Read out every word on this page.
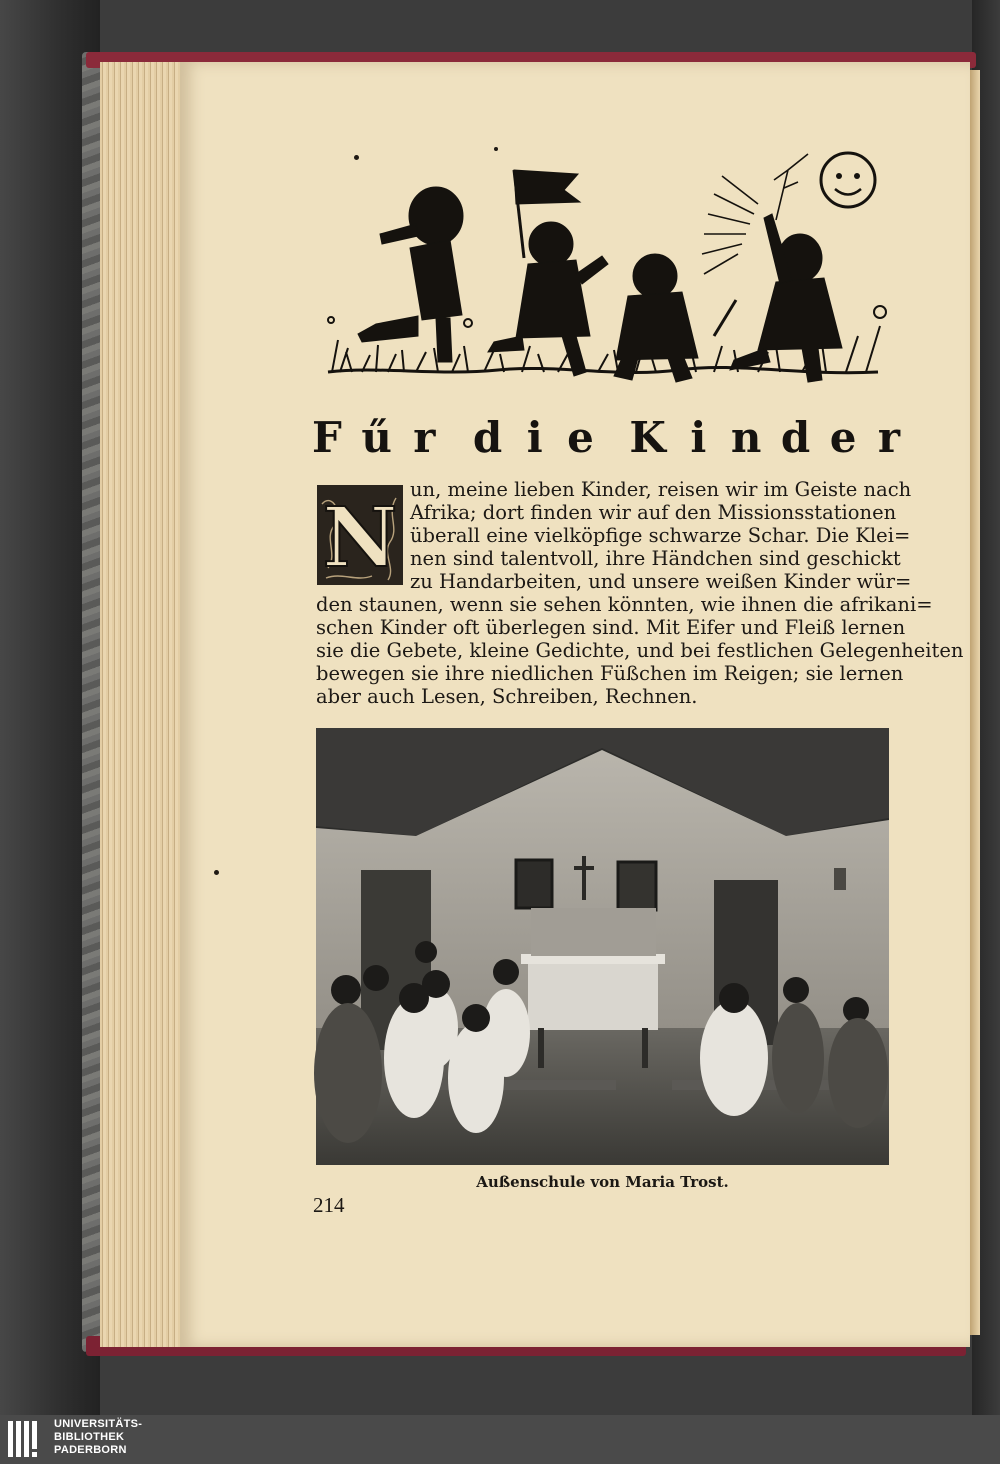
F ű r d i e K i n d e r
N
un, meine lieben Kinder, reisen wir im Geiste nach
Afrika; dort finden wir auf den Missionsstationen
überall eine vielköpfige schwarze Schar. Die Klei=
nen sind talentvoll, ihre Händchen sind geschickt
zu Handarbeiten, und unsere weißen Kinder wür=
den staunen, wenn sie sehen könnten, wie ihnen die afrikani=
schen Kinder oft überlegen sind. Mit Eifer und Fleiß lernen
sie die Gebete, kleine Gedichte, und bei festlichen Gelegenheiten
bewegen sie ihre niedlichen Füßchen im Reigen; sie lernen
aber auch Lesen, Schreiben, Rechnen.
Außenschule von Maria Trost.
214
UNIVERSITÄTS-
BIBLIOTHEK
PADERBORN
